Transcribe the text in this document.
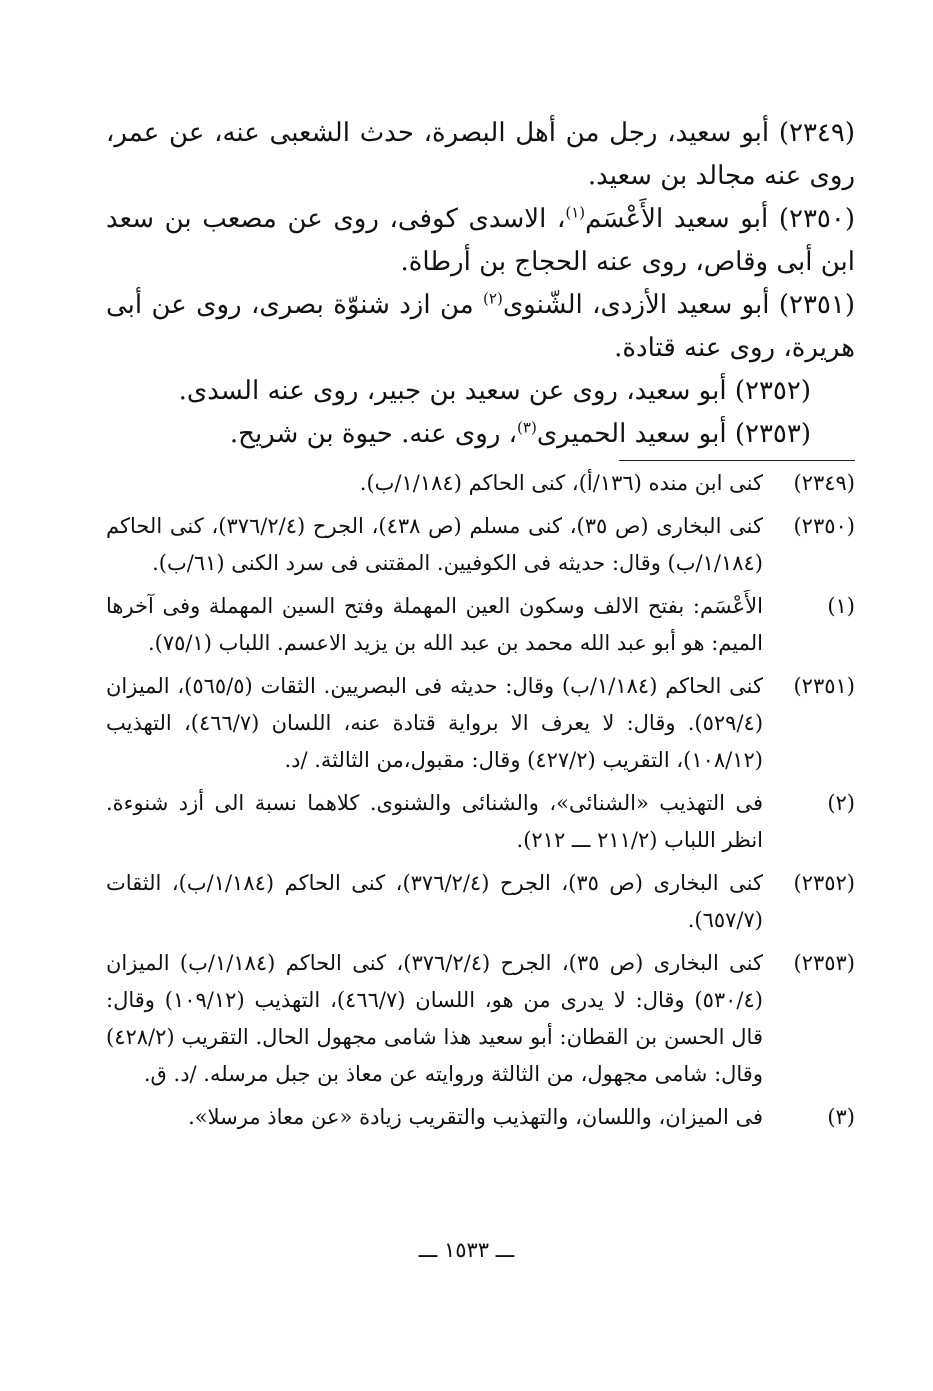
(٢٣٤٩) أبو سعيد، رجل من أهل البصرة، حدث الشعبى عنه، عن عمر، روى عنه مجالد بن سعيد.

(٢٣٥٠) أبو سعيد الأَعْسَم$^{(١)}$، الاسدى كوفى، روى عن مصعب بن سعد ابن أبى وقاص، روى عنه الحجاج بن أرطاة.

(٢٣٥١) أبو سعيد الأزدى، الشّنوى$^{(٢)}$ من ازد شنوّة بصرى، روى عن أبى هريرة، روى عنه قتادة.

(٢٣٥٢) أبو سعيد، روى عن سعيد بن جبير، روى عنه السدى.

(٢٣٥٣) أبو سعيد الحميرى$^{(٣)}$، روى عنه. حيوة بن شريح.

(٢٣٤٩)
كنى ابن منده (١٣٦/أ)، كنى الحاكم (١/١٨٤/ب).
(٢٣٥٠)
كنى البخارى (ص ٣٥)، كنى مسلم (ص ٤٣٨)، الجرح (٣٧٦/٢/٤)، كنى الحاكم (١/١٨٤/ب) وقال: حديثه فى الكوفيين. المقتنى فى سرد الكنى (٦١/ب).
(١)
الأَعْسَم: بفتح الالف وسكون العين المهملة وفتح السين المهملة وفى آخرها الميم: هو أبو عبد الله محمد بن عبد الله بن يزيد الاعسم. اللباب (٧٥/١).
(٢٣٥١)
كنى الحاكم (١/١٨٤/ب) وقال: حديثه فى البصريين. الثقات (٥٦٥/٥)، الميزان (٥٢٩/٤). وقال: لا يعرف الا برواية قتادة عنه، اللسان (٤٦٦/٧)، التهذيب (١٠٨/١٢)، التقريب (٤٢٧/٢) وقال: مقبول،من الثالثة. /د.
(٢)
فى التهذيب «الشنائى»، والشنائى والشنوى. كلاهما نسبة الى أزد شنوءة. انظر اللباب (٢١١/٢ ـــ ٢١٢).
(٢٣٥٢)
كنى البخارى (ص ٣٥)، الجرح (٣٧٦/٢/٤)، كنى الحاكم (١/١٨٤/ب)، الثقات (٦٥٧/٧).
(٢٣٥٣)
كنى البخارى (ص ٣٥)، الجرح (٣٧٦/٢/٤)، كنى الحاكم (١/١٨٤/ب) الميزان (٥٣٠/٤) وقال: لا يدرى من هو، اللسان (٤٦٦/٧)، التهذيب (١٠٩/١٢) وقال: قال الحسن بن القطان: أبو سعيد هذا شامى مجهول الحال. التقريب (٤٢٨/٢) وقال: شامى مجهول، من الثالثة وروايته عن معاذ بن جبل مرسله. /د. ق.
(٣)
فى الميزان، واللسان، والتهذيب والتقريب زيادة «عن معاذ مرسلا».
ـــ ١٥٣٣ ـــ
